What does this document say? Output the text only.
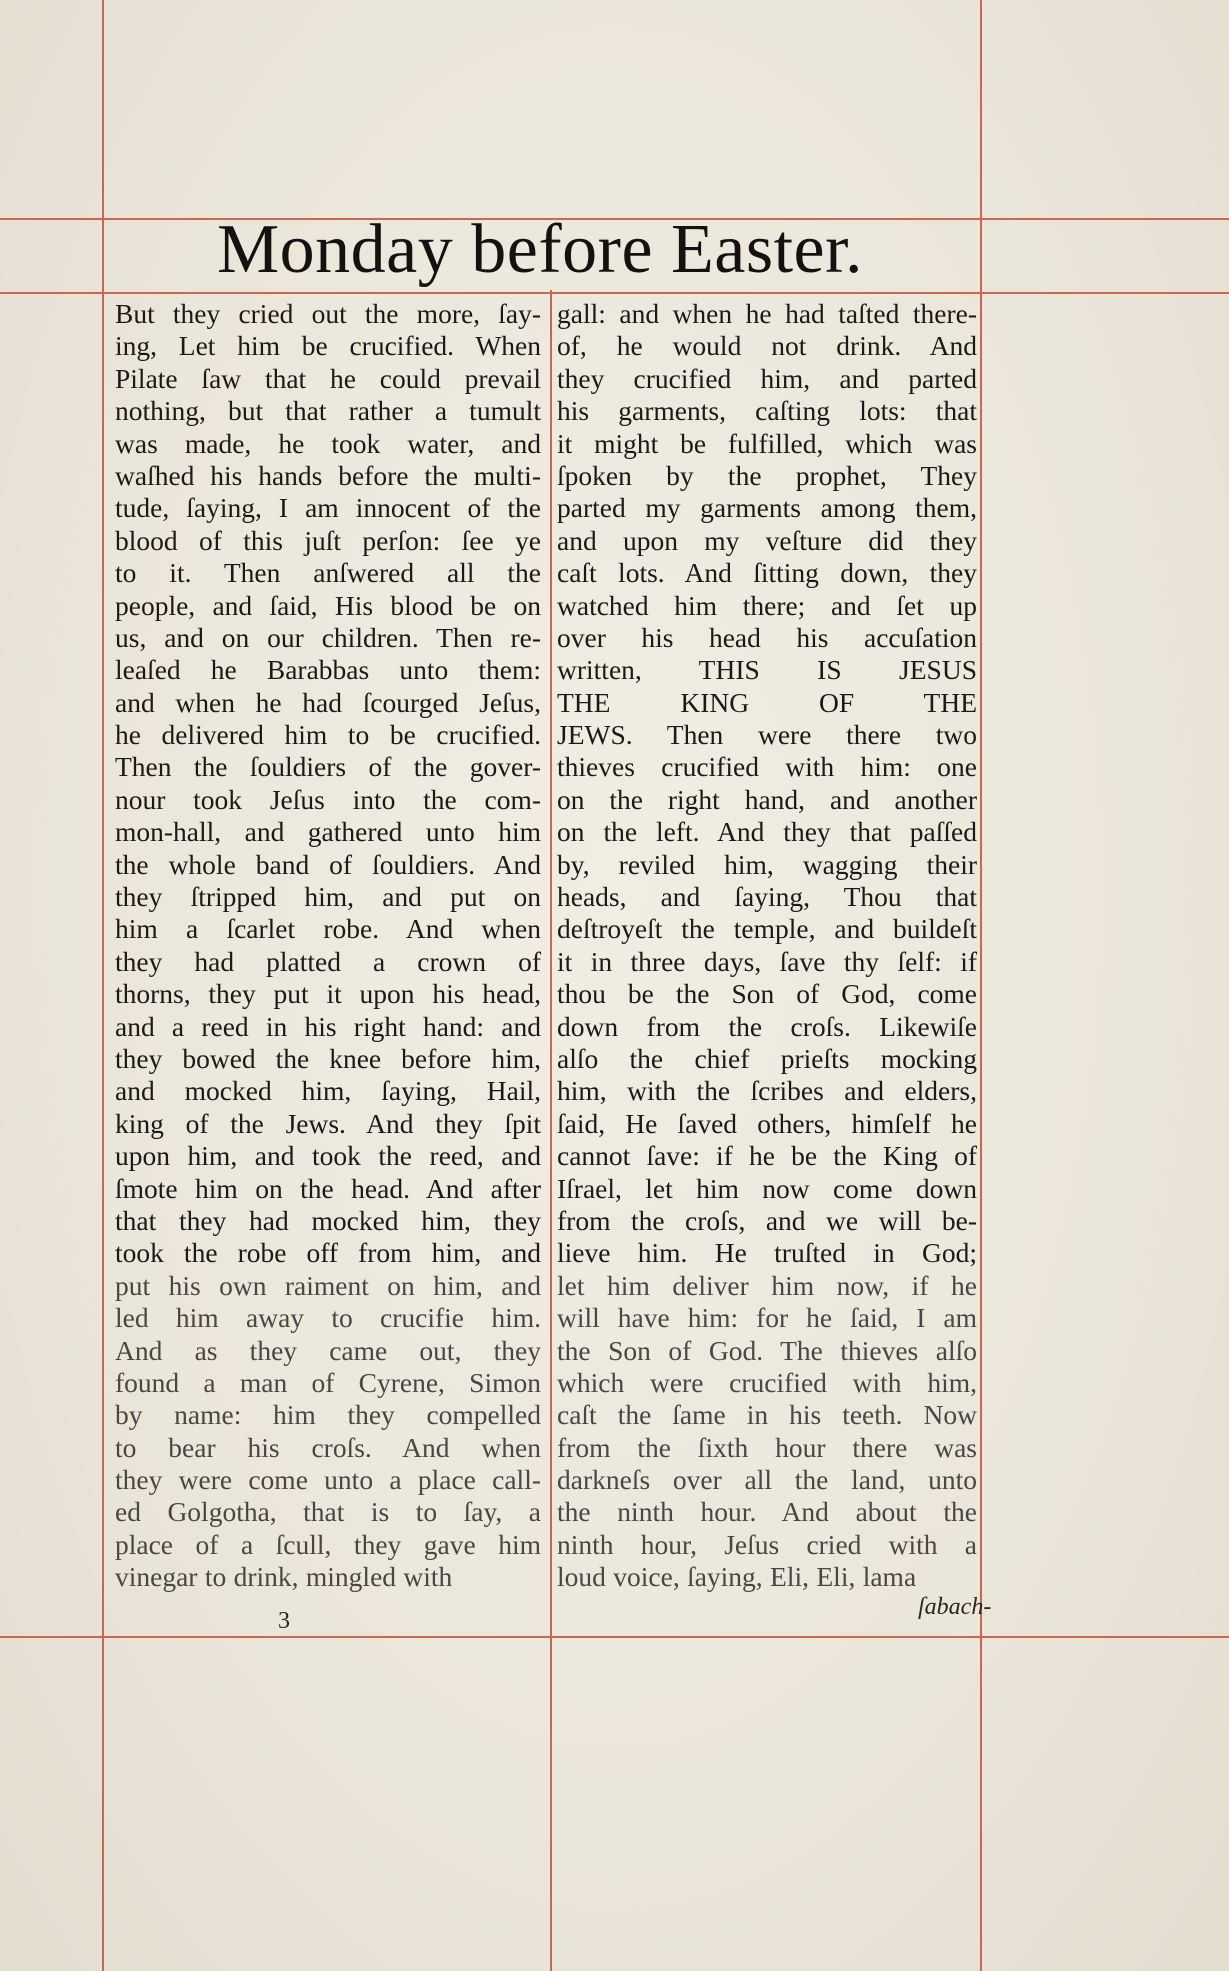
Monday before Easter.
But they cried out the more, ſay-
ing, Let him be crucified. When
Pilate ſaw that he could prevail
nothing, but that rather a tumult
was made, he took water, and
waſhed his hands before the multi-
tude, ſaying, I am innocent of the
blood of this juſt perſon: ſee ye
to it. Then anſwered all the
people, and ſaid, His blood be on
us, and on our children. Then re-
leaſed he Barabbas unto them:
and when he had ſcourged Jeſus,
he delivered him to be crucified.
Then the ſouldiers of the gover-
nour took Jeſus into the com-
mon-hall, and gathered unto him
the whole band of ſouldiers. And
they ſtripped him, and put on
him a ſcarlet robe. And when
they had platted a crown of
thorns, they put it upon his head,
and a reed in his right hand: and
they bowed the knee before him,
and mocked him, ſaying, Hail,
king of the Jews. And they ſpit
upon him, and took the reed, and
ſmote him on the head. And after
that they had mocked him, they
took the robe off from him, and
put his own raiment on him, and
led him away to crucifie him.
And as they came out, they
found a man of Cyrene, Simon
by name: him they compelled
to bear his croſs. And when
they were come unto a place call-
ed Golgotha, that is to ſay, a
place of a ſcull, they gave him
vinegar to drink, mingled with
gall: and when he had taſted there-
of, he would not drink. And
they crucified him, and parted
his garments, caſting lots: that
it might be fulfilled, which was
ſpoken by the prophet, They
parted my garments among them,
and upon my veſture did they
caſt lots. And ſitting down, they
watched him there; and ſet up
over his head his accuſation
written, THIS IS JESUS
THE KING OF THE
JEWS. Then were there two
thieves crucified with him: one
on the right hand, and another
on the left. And they that paſſed
by, reviled him, wagging their
heads, and ſaying, Thou that
deſtroyeſt the temple, and buildeſt
it in three days, ſave thy ſelf: if
thou be the Son of God, come
down from the croſs. Likewiſe
alſo the chief prieſts mocking
him, with the ſcribes and elders,
ſaid, He ſaved others, himſelf he
cannot ſave: if he be the King of
Iſrael, let him now come down
from the croſs, and we will be-
lieve him. He truſted in God;
let him deliver him now, if he
will have him: for he ſaid, I am
the Son of God. The thieves alſo
which were crucified with him,
caſt the ſame in his teeth. Now
from the ſixth hour there was
darkneſs over all the land, unto
the ninth hour. And about the
ninth hour, Jeſus cried with a
loud voice, ſaying, Eli, Eli, lama
3
ſabach-
